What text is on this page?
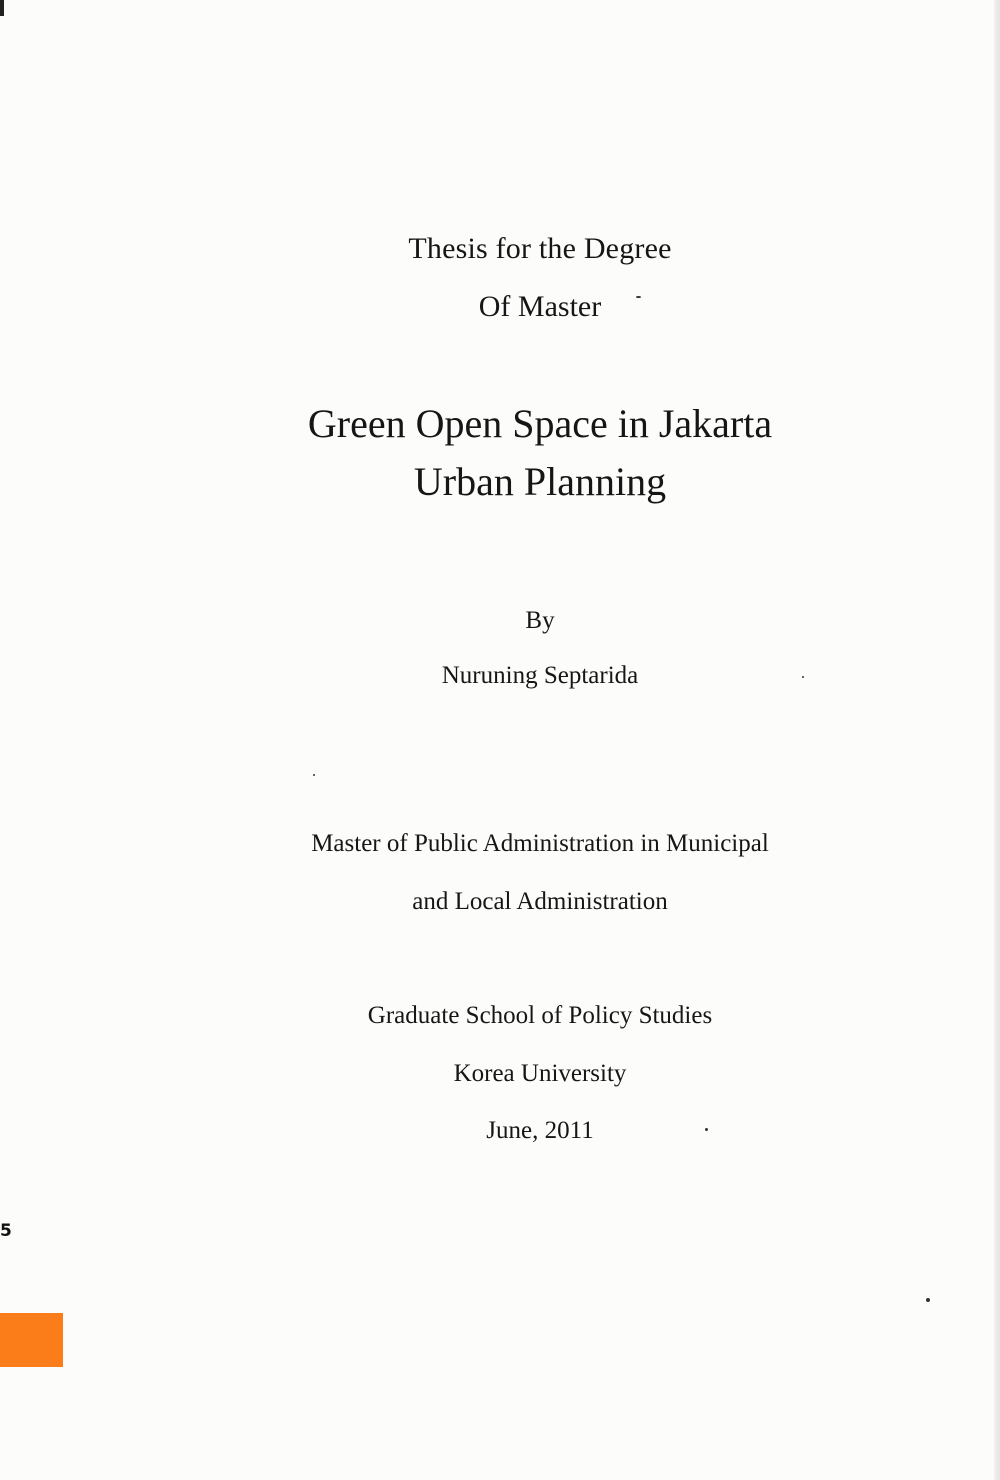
Thesis for the Degree
Of Master
Green Open Space in Jakarta
Urban Planning
By
Nuruning Septarida
Master of Public Administration in Municipal
and Local Administration
Graduate School of Policy Studies
Korea University
June, 2011
5
